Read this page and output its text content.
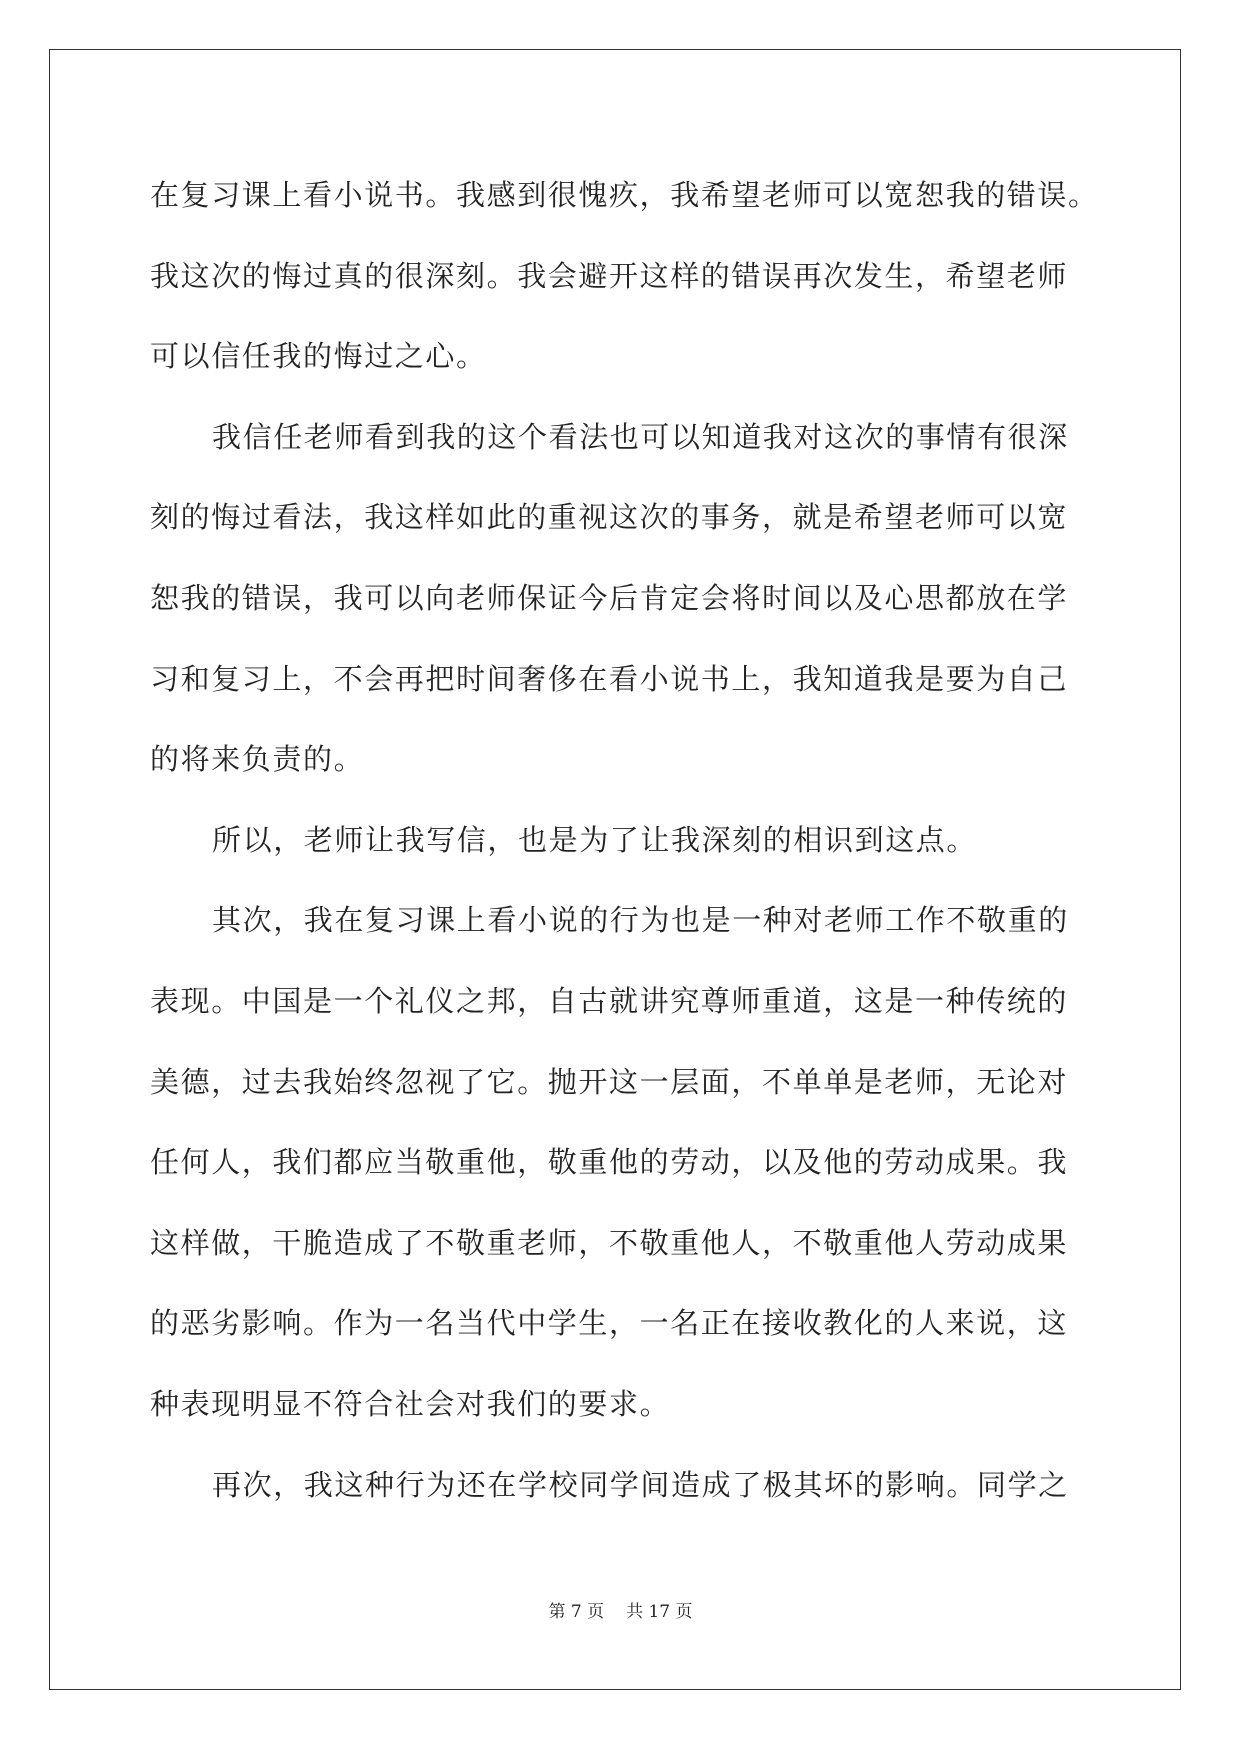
在复习课上看小说书。我感到很愧疚，我希望老师可以宽恕我的错误。
我这次的悔过真的很深刻。我会避开这样的错误再次发生，希望老师
可以信任我的悔过之心。
我信任老师看到我的这个看法也可以知道我对这次的事情有很深
刻的悔过看法，我这样如此的重视这次的事务，就是希望老师可以宽
恕我的错误，我可以向老师保证今后肯定会将时间以及心思都放在学
习和复习上，不会再把时间奢侈在看小说书上，我知道我是要为自己
的将来负责的。
所以，老师让我写信，也是为了让我深刻的相识到这点。
其次，我在复习课上看小说的行为也是一种对老师工作不敬重的
表现。中国是一个礼仪之邦，自古就讲究尊师重道，这是一种传统的
美德，过去我始终忽视了它。抛开这一层面，不单单是老师，无论对
任何人，我们都应当敬重他，敬重他的劳动，以及他的劳动成果。我
这样做，干脆造成了不敬重老师，不敬重他人，不敬重他人劳动成果
的恶劣影响。作为一名当代中学生，一名正在接收教化的人来说，这
种表现明显不符合社会对我们的要求。
再次，我这种行为还在学校同学间造成了极其坏的影响。同学之
第 7 页 共 17 页
